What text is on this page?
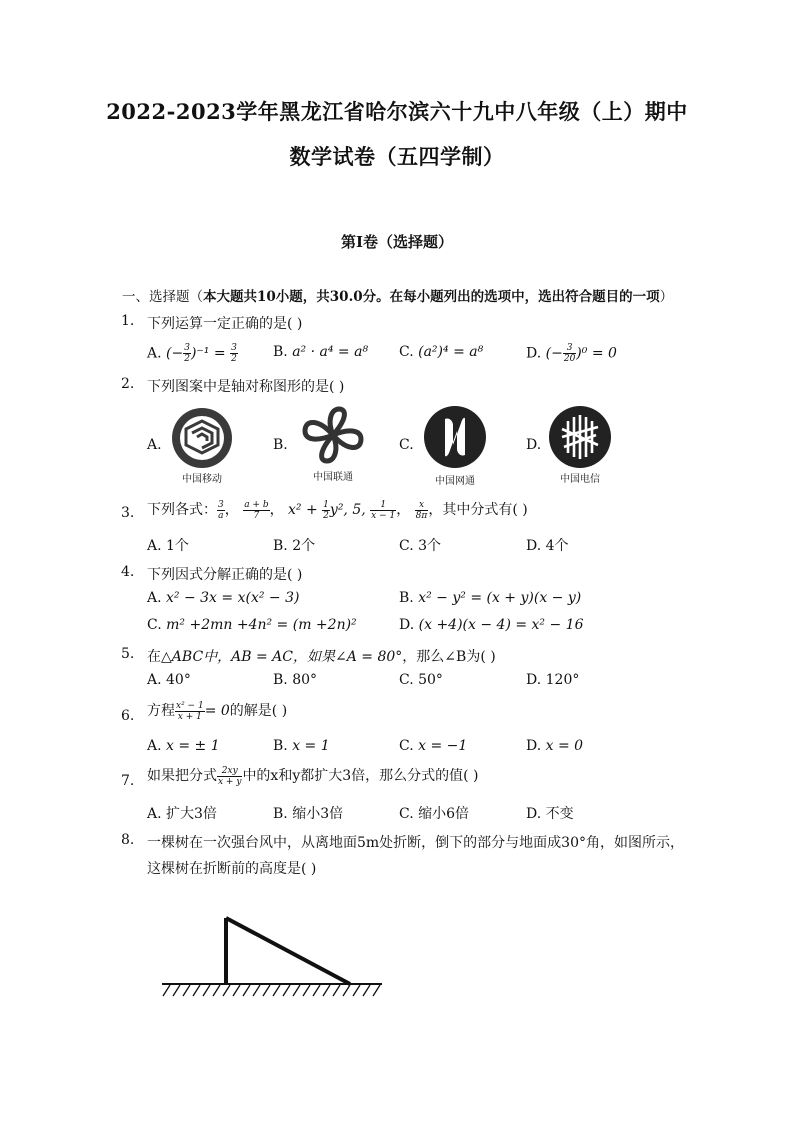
2022-2023学年黑龙江省哈尔滨六十九中八年级（上）期中
数学试卷（五四学制）
第Ⅰ卷（选择题）
一、选择题（本大题共10小题，共30.0分。在每小题列出的选项中，选出符合题目的一项）
1. 下列运算一定正确的是( )
A. (− $\frac{3}{2} )^{-1} = \frac{3}{2}$	B. a² · a⁴ = a⁸ C. (a²)⁴ = a⁸	D. (− $\frac{3}{20} )^0 = 0$
2. 下列图案中是轴对称图形的是( )
A.	B.	C.	D.
中国移动	中国联通	中国网通	中国电信
3. 下列各式： $\frac{3}{a}$ ， $\frac{a + b}{7}$ ， $x^2 + \frac{1}{2} y^2$, 5, $\frac{1}{x - 1}$ ， $\frac{x}{8\pi}$ ，其中分式有( )
A. 1个	B. 2个	C. 3个	D. 4个
4. 下列因式分解正确的是( )
A. x² − 3x = x(x² − 3)	B. x² − y² = (x + y)(x − y)
C. m² +2mn +4n² = (m +2n)²	D. (x +4)(x − 4) = x² − 16
5. 在△ABC中，AB = AC，如果∠A = 80°，那么∠B为( )
A. 40°	B. 80°	C. 50°	D. 120°
6. 方程 $\frac{\text{x² − 1}}{x + 1} = 0$的解是( )
A. x = ± 1	B. x = 1	C. x = −1	D. x = 0
7. 如果把分式 $\frac{2xy}{x + y}$ 中的x和y都扩大3倍，那么分式的值( )
A. 扩大3倍	B. 缩小3倍	C. 缩小6倍	D. 不变
8. 一棵树在一次强台风中，从离地面5m处折断，倒下的部分与地面成30°角，如图所示，
这棵树在折断前的高度是( )
